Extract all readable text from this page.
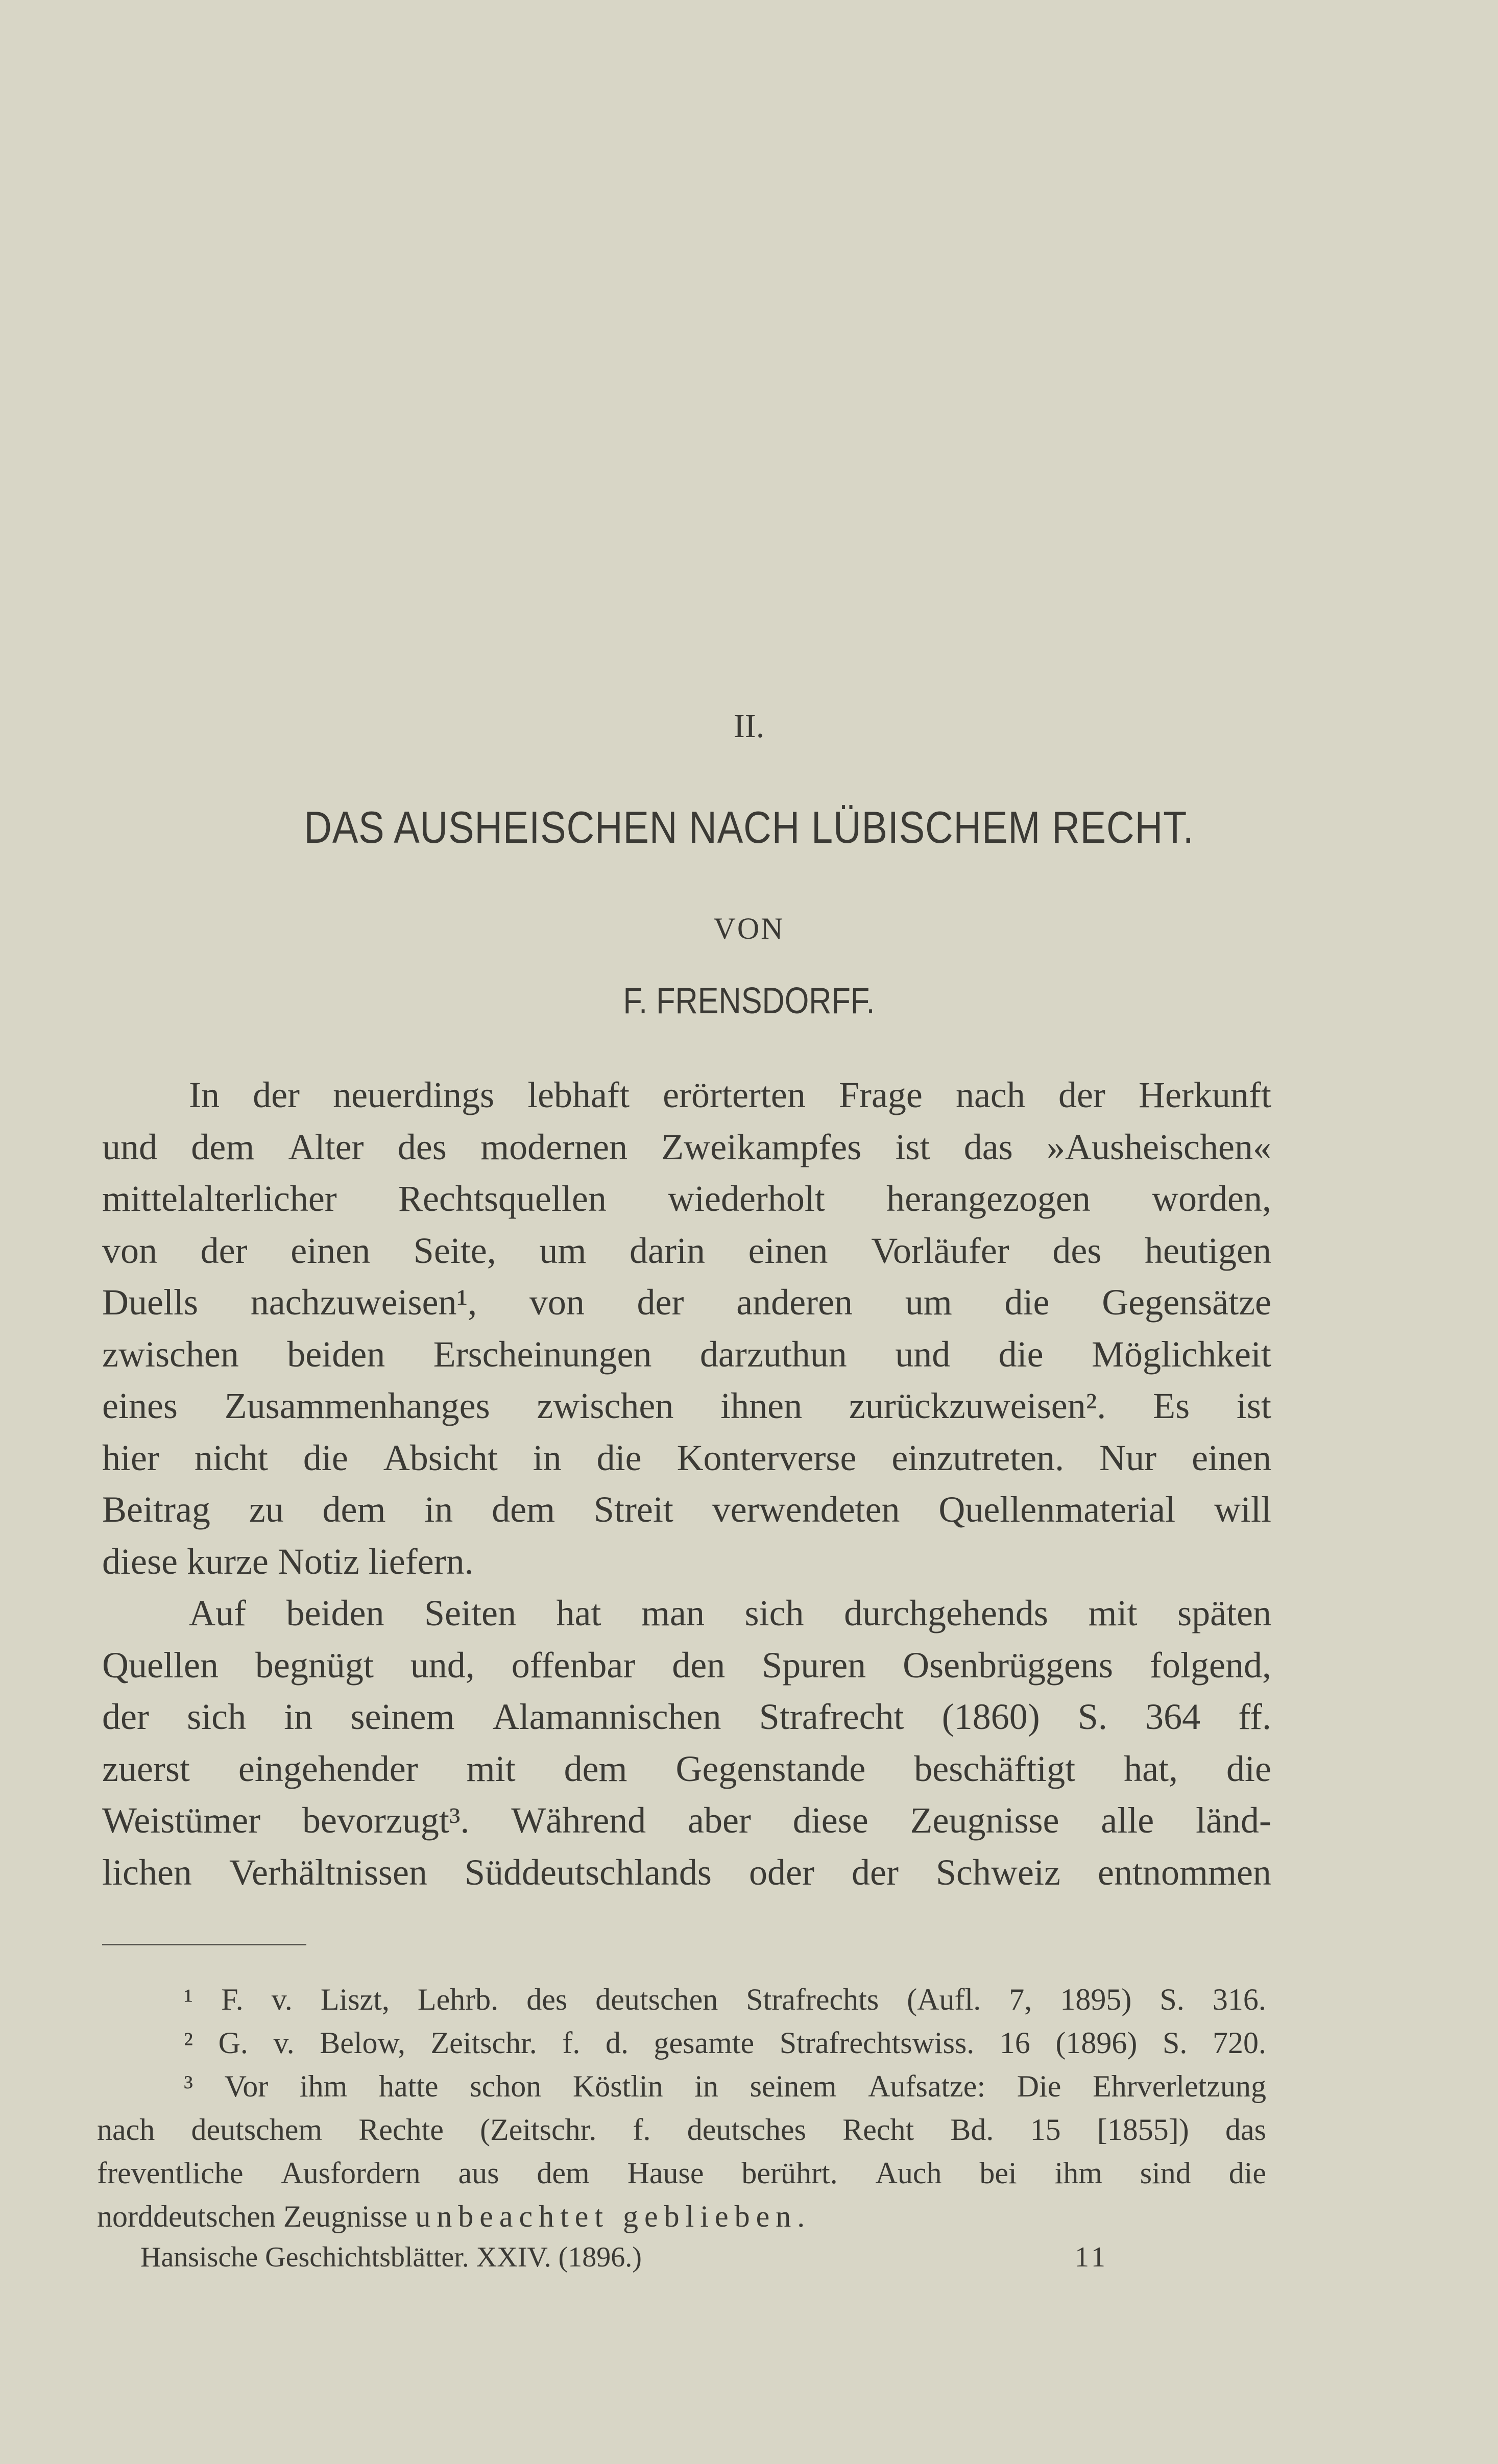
II.
DAS AUSHEISCHEN NACH LÜBISCHEM RECHT.
VON
F. FRENSDORFF.
In der neuerdings lebhaft erörterten Frage nach der Herkunft
und dem Alter des modernen Zweikampfes ist das »Ausheischen«
mittelalterlicher Rechtsquellen wiederholt herangezogen worden,
von der einen Seite, um darin einen Vorläufer des heutigen
Duells nachzuweisen¹, von der anderen um die Gegensätze
zwischen beiden Erscheinungen darzuthun und die Möglichkeit
eines Zusammenhanges zwischen ihnen zurückzuweisen². Es ist
hier nicht die Absicht in die Konterverse einzutreten. Nur einen
Beitrag zu dem in dem Streit verwendeten Quellenmaterial will
diese kurze Notiz liefern.
Auf beiden Seiten hat man sich durchgehends mit späten
Quellen begnügt und, offenbar den Spuren Osenbrüggens folgend,
der sich in seinem Alamannischen Strafrecht (1860) S. 364 ff.
zuerst eingehender mit dem Gegenstande beschäftigt hat, die
Weistümer bevorzugt³. Während aber diese Zeugnisse alle länd-
lichen Verhältnissen Süddeutschlands oder der Schweiz entnommen
¹ F. v. Liszt, Lehrb. des deutschen Strafrechts (Aufl. 7, 1895) S. 316.
² G. v. Below, Zeitschr. f. d. gesamte Strafrechtswiss. 16 (1896) S. 720.
³ Vor ihm hatte schon Köstlin in seinem Aufsatze: Die Ehrverletzung
nach deutschem Rechte (Zeitschr. f. deutsches Recht Bd. 15 [1855]) das
freventliche Ausfordern aus dem Hause berührt. Auch bei ihm sind die
norddeutschen Zeugnisse unbeachtet geblieben.
Hansische Geschichtsblätter. XXIV. (1896.)	11
